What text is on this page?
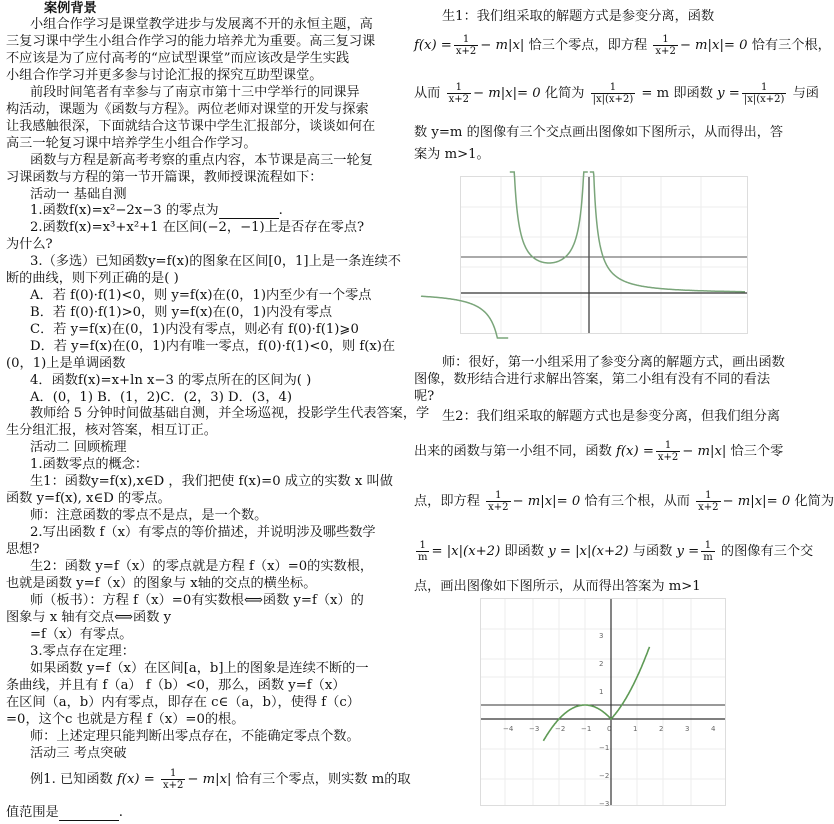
案例背景
小组合作学习是课堂教学进步与发展离不开的永恒主题，高
三复习课中学生小组合作学习的能力培养尤为重要。高三复习课
不应该是为了应付高考的“应试型课堂”而应该改是学生实践
小组合作学习并更多参与讨论汇报的探究互助型课堂。
前段时间笔者有幸参与了南京市第十三中学举行的同课异
构活动，课题为《函数与方程》。两位老师对课堂的开发与探索
让我感触很深，下面就结合这节课中学生汇报部分，谈谈如何在
高三一轮复习课中培养学生小组合作学习。
函数与方程是新高考考察的重点内容，本节课是高三一轮复
习课函数与方程的第一节开篇课，教师授课流程如下：
活动一 基础自测
1.函数f(x)=x²−2x−3 的零点为	.
2.函数f(x)=x³+x²+1 在区间(−2，−1)上是否存在零点?
为什么?
3.（多选）已知函数y=f(x)的图象在区间[0，1]上是一条连续不
断的曲线，则下列正确的是( )
A．若 f(0)·f(1)<0，则 y=f(x)在(0，1)内至少有一个零点
B．若 f(0)·f(1)>0，则 y=f(x)在(0，1)内没有零点
C．若 y=f(x)在(0，1)内没有零点，则必有 f(0)·f(1)⩾0
D．若 y=f(x)在(0，1)内有唯一零点，f(0)·f(1)<0，则 f(x)在
(0，1)上是单调函数
4．函数f(x)=x+ln x−3 的零点所在的区间为( )
A．(0，1) B．(1，2)C．(2，3) D．(3，4)
教师给 5 分钟时间做基础自测，并全场巡视，投影学生代表答案，学
生分组汇报，核对答案，相互订正。
活动二 回顾梳理
1.函数零点的概念：
生1：函数y=f(x),x∈D ，我们把使 f(x)=0 成立的实数 x 叫做
函数 y=f(x), x∈D 的零点。
师：注意函数的零点不是点，是一个数。
2.写出函数 f（x）有零点的等价描述，并说明涉及哪些数学
思想?
生2：函数 y=f（x）的零点就是方程 f（x）=0的实数根，
也就是函数 y=f（x）的图象与 x轴的交点的横坐标。
师（板书）：方程 f（x）=0有实数根⟺函数 y=f（x）的
图象与 x 轴有交点⟺函数 y
=f（x）有零点。
3.零点存在定理：
如果函数 y=f（x）在区间[a，b]上的图象是连续不断的一
条曲线，并且有 f（a） f（b）<0，那么，函数 y=f（x）
在区间（a，b）内有零点，即存在 c∈（a，b），使得 f（c）
=0，这个c 也就是方程 f（x）=0的根。
师：上述定理只能判断出零点存在，不能确定零点个数。
活动三 考点突破
例1. 已知函数 $f(x) = \frac{1}{x+2} - m|x|$ 恰有三个零点，则实数 m的取
值范围是	.
生1：我们组采取的解题方式是参变分离，函数
$f(x) = \frac{1}{x+2} - m|x|$ 恰三个零点，即方程 $\frac{1}{x+2} - m|x|= 0$ 恰有三个根，
从而 $\frac{1}{x+2} - m|x|= 0$ 化简为 $\frac{1}{|x|(x+2)} = m$ 即函数 $y = \frac{1}{|x|(x+2)}$ 与函
数 y=m 的图像有三个交点画出图像如下图所示，从而得出，答
案为 m>1。
师：很好，第一小组采用了参变分离的解题方式，画出函数
图像，数形结合进行求解出答案，第二小组有没有不同的看法
呢?
生2：我们组采取的解题方式也是参变分离，但我们组分离
出来的函数与第一小组不同，函数 $f(x) = \frac{1}{x+2} - m|x|$ 恰三个零
点，即方程 $\frac{1}{x+2} - m|x|= 0$ 恰有三个根，从而 $\frac{1}{x+2} - m|x|= 0$ 化简为
$\frac{1}{m} = |x|(x+2)$ 即函数 y = |x|(x+2) 与函数 $y = \frac{1}{m}$ 的图像有三个交
点，画出图像如下图所示，从而得出答案为 m>1
−4 −3 −2 −1 0	1	2	3	4
3
2
1
−1
−2
−3
